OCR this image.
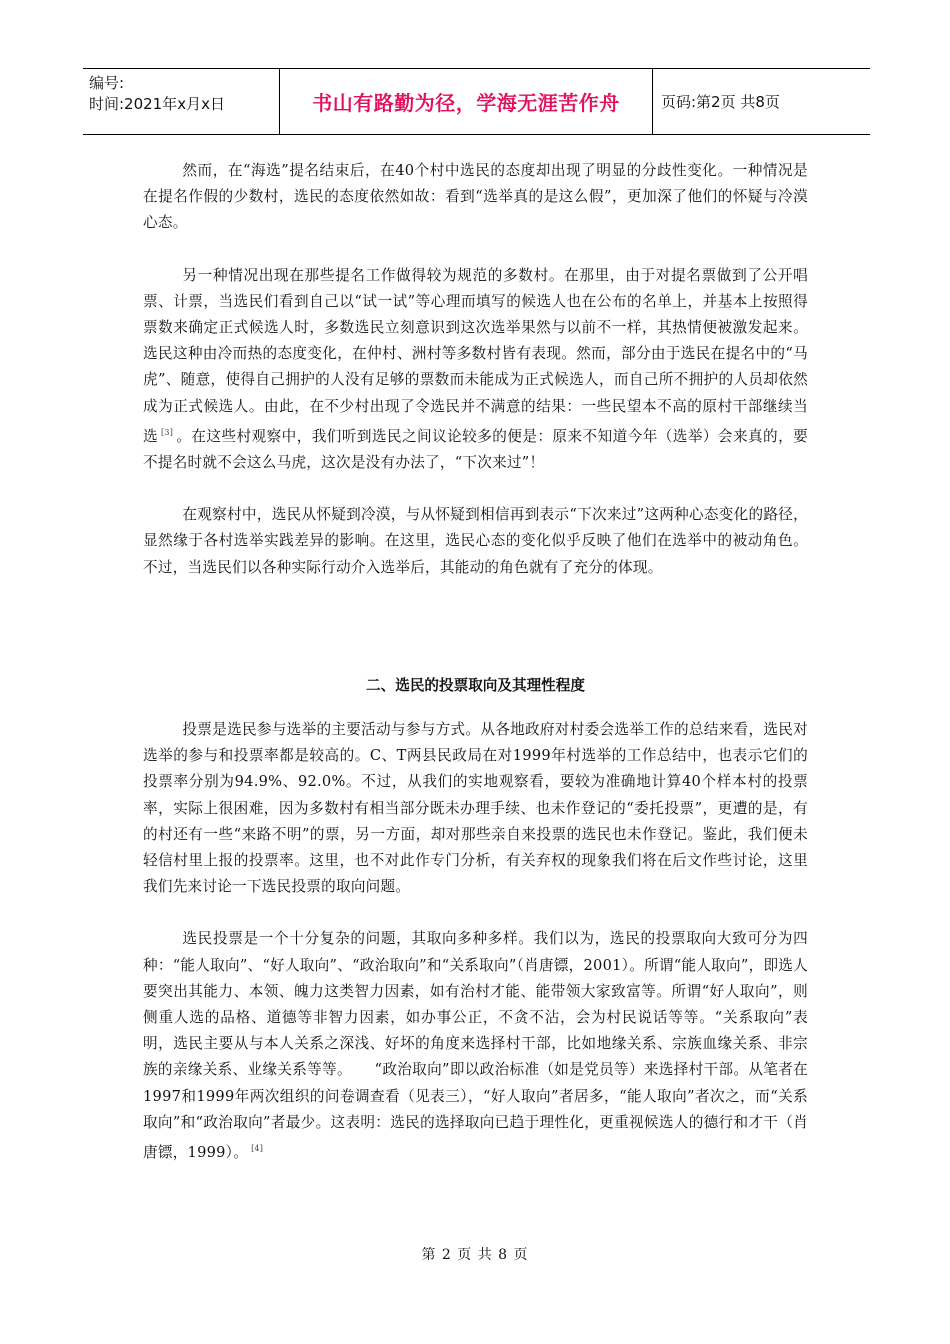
编号:
时间:2021年x月x日	书山有路勤为径，学海无涯苦作舟	页码:第2页 共8页

然而，在“海选”提名结束后，在40个村中选民的态度却出现了明显的分歧性变化。一种情况是在提名作假的少数村，选民的态度依然如故：看到“选举真的是这么假”，更加深了他们的怀疑与冷漠心态。

另一种情况出现在那些提名工作做得较为规范的多数村。在那里，由于对提名票做到了公开唱票、计票，当选民们看到自己以“试一试”等心理而填写的候选人也在公布的名单上，并基本上按照得票数来确定正式候选人时，多数选民立刻意识到这次选举果然与以前不一样，其热情便被激发起来。选民这种由冷而热的态度变化，在仲村、洲村等多数村皆有表现。然而，部分由于选民在提名中的“马虎”、随意，使得自己拥护的人没有足够的票数而未能成为正式候选人，而自己所不拥护的人员却依然成为正式候选人。由此，在不少村出现了令选民并不满意的结果：一些民望本不高的原村干部继续当选 [3] 。在这些村观察中，我们听到选民之间议论较多的便是：原来不知道今年（选举）会来真的，要不提名时就不会这么马虎，这次是没有办法了，“下次来过”！

在观察村中，选民从怀疑到冷漠，与从怀疑到相信再到表示“下次来过”这两种心态变化的路径，显然缘于各村选举实践差异的影响。在这里，选民心态的变化似乎反映了他们在选举中的被动角色。不过，当选民们以各种实际行动介入选举后，其能动的角色就有了充分的体现。

二、选民的投票取向及其理性程度

投票是选民参与选举的主要活动与参与方式。从各地政府对村委会选举工作的总结来看，选民对选举的参与和投票率都是较高的。C、T两县民政局在对1999年村选举的工作总结中，也表示它们的投票率分别为94.9%、92.0%。不过，从我们的实地观察看，要较为准确地计算40个样本村的投票率，实际上很困难，因为多数村有相当部分既未办理手续、也未作登记的“委托投票”，更遭的是，有的村还有一些“来路不明”的票，另一方面，却对那些亲自来投票的选民也未作登记。鉴此，我们便未轻信村里上报的投票率。这里，也不对此作专门分析，有关弃权的现象我们将在后文作些讨论，这里我们先来讨论一下选民投票的取向问题。

选民投票是一个十分复杂的问题，其取向多种多样。我们以为，选民的投票取向大致可分为四种：“能人取向”、“好人取向”、“政治取向”和“关系取向”（肖唐镖，2001）。所谓“能人取向”，即选人要突出其能力、本领、魄力这类智力因素，如有治村才能、能带领大家致富等。所谓“好人取向”，则侧重人选的品格、道德等非智力因素，如办事公正，不贪不沾，会为村民说话等等。“关系取向”表明，选民主要从与本人关系之深浅、好坏的角度来选择村干部，比如地缘关系、宗族血缘关系、非宗族的亲缘关系、业缘关系等等。　　“政治取向”即以政治标准（如是党员等）来选择村干部。从笔者在1997和1999年两次组织的问卷调查看（见表三），“好人取向”者居多，“能人取向”者次之，而“关系取向”和“政治取向”者最少。这表明：选民的选择取向已趋于理性化，更重视候选人的德行和才干（肖唐镖，1999）。 [4]

第 2 页 共 8 页
